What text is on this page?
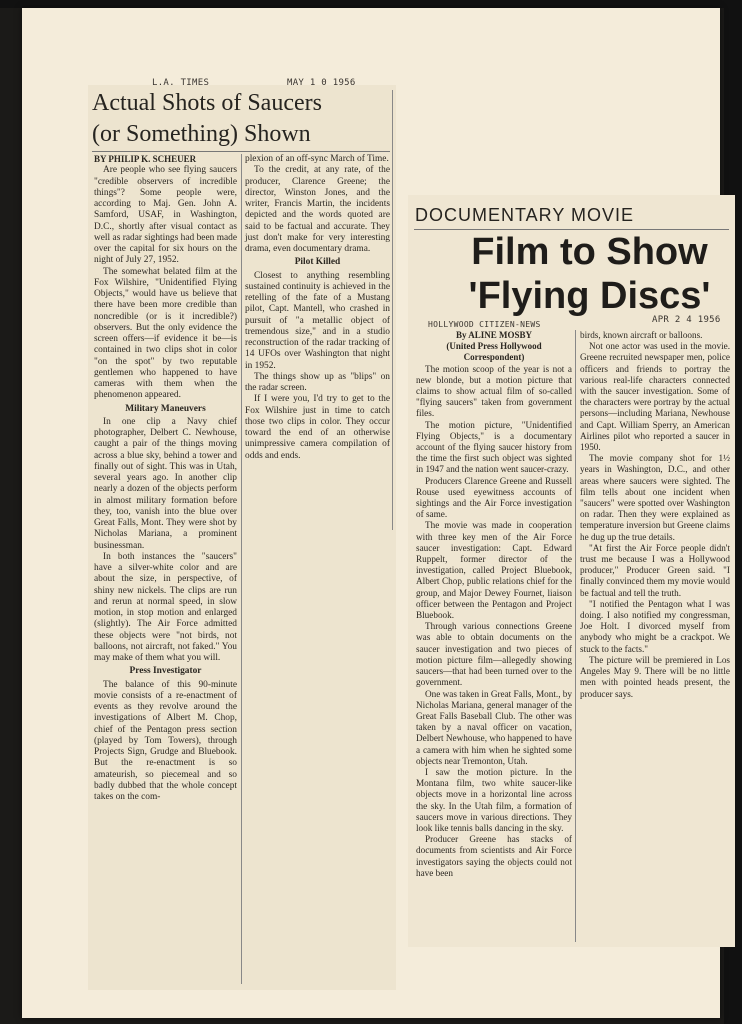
L.A. TIMES	MAY 1 0 1956
Actual Shots of Saucers
(or Something) Shown

BY PHILIP K. SCHEUER

Are people who see flying saucers "credible observers of incredible things"? Some people were, according to Maj. Gen. John A. Samford, USAF, in Washington, D.C., shortly after visual contact as well as radar sightings had been made over the capital for six hours on the night of July 27, 1952.

The somewhat belated film at the Fox Wilshire, "Unidentified Flying Objects," would have us believe that there have been more credible than noncredible (or is it incredible?) observers. But the only evidence the screen offers—if evidence it be—is contained in two clips shot in color "on the spot" by two reputable gentlemen who happened to have cameras with them when the phenomenon appeared.

Military Maneuvers

In one clip a Navy chief photographer, Delbert C. Newhouse, caught a pair of the things moving across a blue sky, behind a tower and finally out of sight. This was in Utah, several years ago. In another clip nearly a dozen of the objects perform in almost military formation before they, too, vanish into the blue over Great Falls, Mont. They were shot by Nicholas Mariana, a prominent businessman.

In both instances the "saucers" have a silver-white color and are about the size, in perspective, of shiny new nickels. The clips are run and rerun at normal speed, in slow motion, in stop motion and enlarged (slightly). The Air Force admitted these objects were "not birds, not balloons, not aircraft, not faked." You may make of them what you will.

Press Investigator

The balance of this 90-minute movie consists of a re-enactment of events as they revolve around the investigations of Albert M. Chop, chief of the Pentagon press section (played by Tom Towers), through Projects Sign, Grudge and Bluebook. But the re-enactment is so amateurish, so piecemeal and so badly dubbed that the whole concept takes on the com-

plexion of an off-sync March of Time.

To the credit, at any rate, of the producer, Clarence Greene; the director, Winston Jones, and the writer, Francis Martin, the incidents depicted and the words quoted are said to be factual and accurate. They just don't make for very interesting drama, even documentary drama.

Pilot Killed

Closest to anything resembling sustained continuity is achieved in the retelling of the fate of a Mustang pilot, Capt. Mantell, who crashed in pursuit of "a metallic object of tremendous size," and in a studio reconstruction of the radar tracking of 14 UFOs over Washington that night in 1952.

The things show up as "blips" on the radar screen.

If I were you, I'd try to get to the Fox Wilshire just in time to catch those two clips in color. They occur toward the end of an otherwise unimpressive camera compilation of odds and ends.

DOCUMENTARY MOVIE
Film to Show
'Flying Discs'
HOLLYWOOD CITIZEN-NEWS	APR 2 4 1956

By ALINE MOSBY

(United Press Hollywood Correspondent)

The motion scoop of the year is not a new blonde, but a motion picture that claims to show actual film of so-called "flying saucers" taken from government files.

The motion picture, "Unidentified Flying Objects," is a documentary account of the flying saucer history from the time the first such object was sighted in 1947 and the nation went saucer-crazy.

Producers Clarence Greene and Russell Rouse used eyewitness accounts of sightings and the Air Force investigation of same.

The movie was made in cooperation with three key men of the Air Force saucer investigation: Capt. Edward Ruppelt, former director of the investigation, called Project Bluebook, Albert Chop, public relations chief for the group, and Major Dewey Fournet, liaison officer between the Pentagon and Project Bluebook.

Through various connections Greene was able to obtain documents on the saucer investigation and two pieces of motion picture film—allegedly showing saucers—that had been turned over to the government.

One was taken in Great Falls, Mont., by Nicholas Mariana, general manager of the Great Falls Baseball Club. The other was taken by a naval officer on vacation, Delbert Newhouse, who happened to have a camera with him when he sighted some objects near Tremonton, Utah.

I saw the motion picture. In the Montana film, two white saucer-like objects move in a horizontal line across the sky. In the Utah film, a formation of saucers move in various directions. They look like tennis balls dancing in the sky.

Producer Greene has stacks of documents from scientists and Air Force investigators saying the objects could not have been

birds, known aircraft or balloons.

Not one actor was used in the movie. Greene recruited newspaper men, police officers and friends to portray the various real-life characters connected with the saucer investigation. Some of the characters were portray by the actual persons—including Mariana, Newhouse and Capt. William Sperry, an American Airlines pilot who reported a saucer in 1950.

The movie company shot for 1½ years in Washington, D.C., and other areas where saucers were sighted. The film tells about one incident when "saucers" were spotted over Washington on radar. Then they were explained as temperature inversion but Greene claims he dug up the true details.

"At first the Air Force people didn't trust me because I was a Hollywood producer," Producer Green said. "I finally convinced them my movie would be factual and tell the truth.

"I notified the Pentagon what I was doing. I also notified my congressman, Joe Holt. I divorced myself from anybody who might be a crackpot. We stuck to the facts."

The picture will be premiered in Los Angeles May 9. There will be no little men with pointed heads present, the producer says.
